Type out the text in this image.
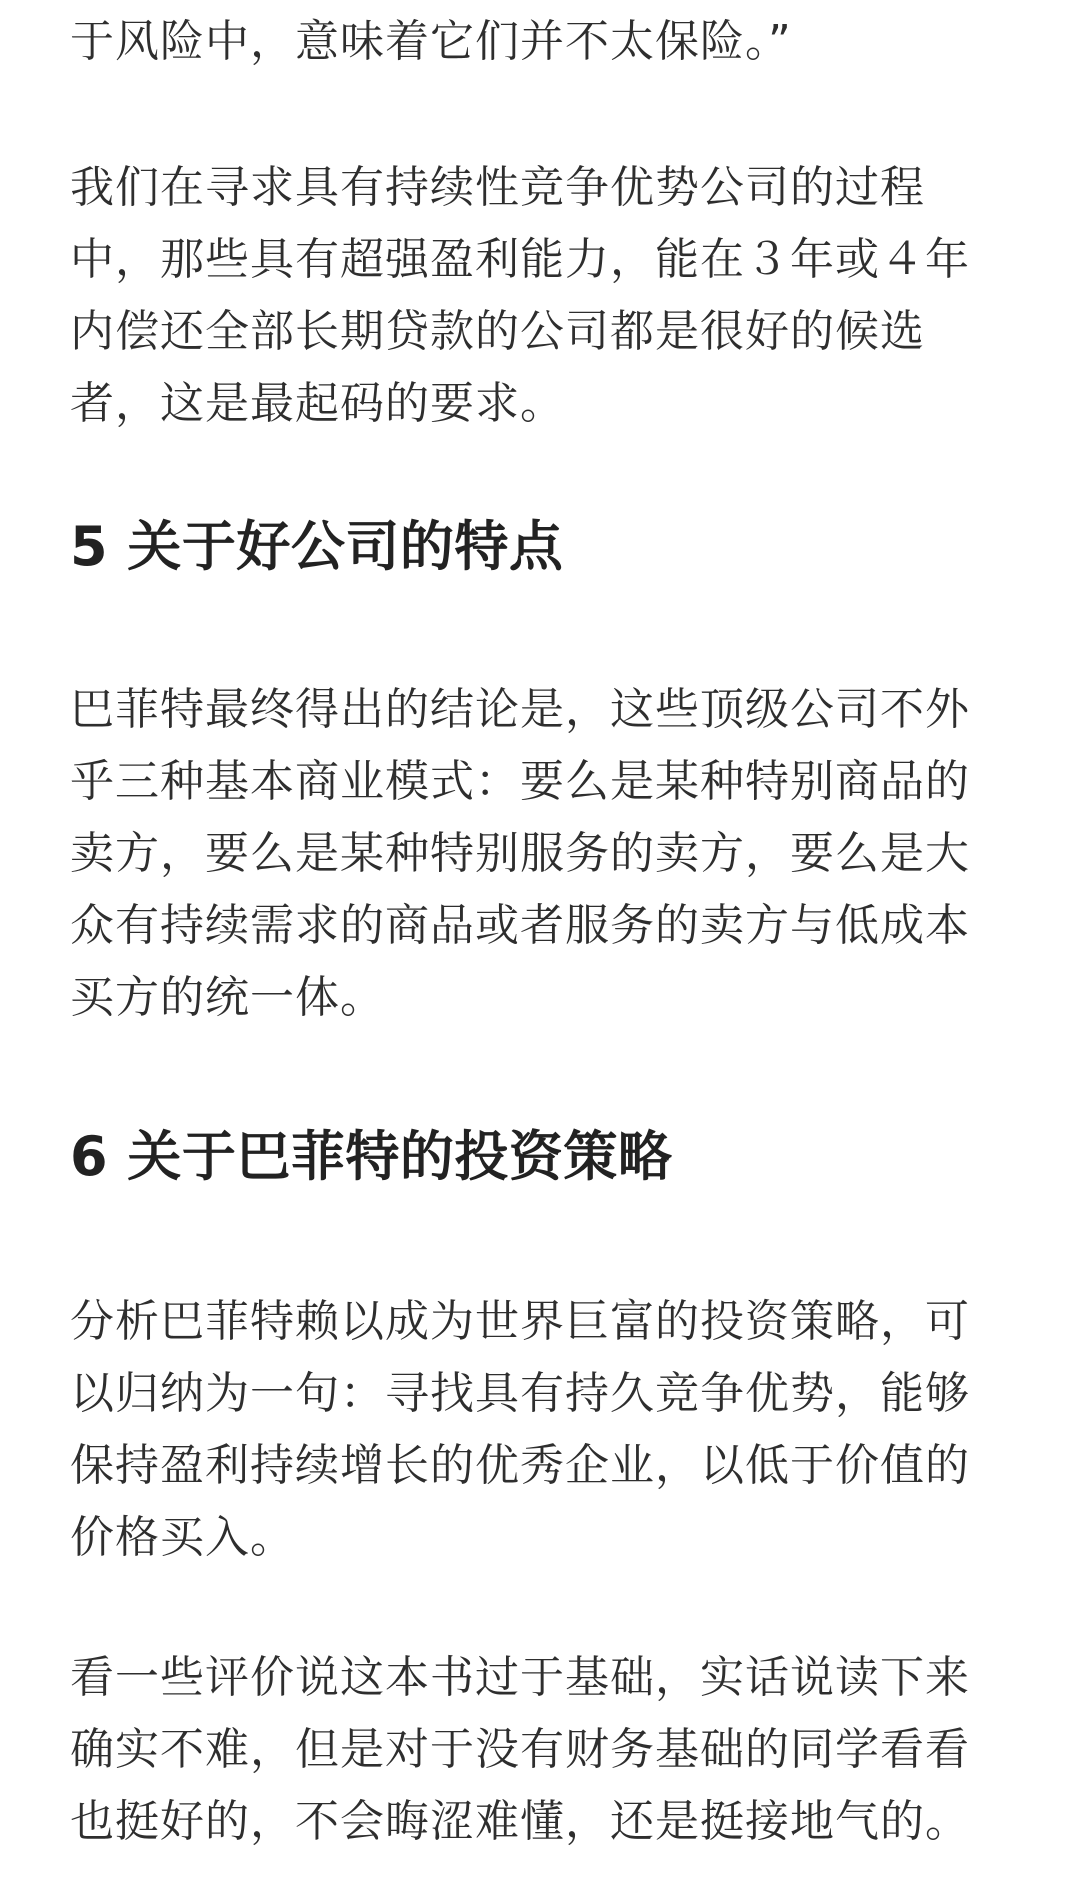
于风险中，意味着它们并不太保险。”
我们在寻求具有持续性竞争优势公司的过程
中，那些具有超强盈利能力，能在３年或４年
内偿还全部长期贷款的公司都是很好的候选
者，这是最起码的要求。
5 关于好公司的特点
巴菲特最终得出的结论是，这些顶级公司不外
乎三种基本商业模式：要么是某种特别商品的
卖方，要么是某种特别服务的卖方，要么是大
众有持续需求的商品或者服务的卖方与低成本
买方的统一体。
6 关于巴菲特的投资策略
分析巴菲特赖以成为世界巨富的投资策略，可
以归纳为一句：寻找具有持久竞争优势，能够
保持盈利持续增长的优秀企业，以低于价值的
价格买入。
看一些评价说这本书过于基础，实话说读下来
确实不难，但是对于没有财务基础的同学看看
也挺好的，不会晦涩难懂，还是挺接地气的。
